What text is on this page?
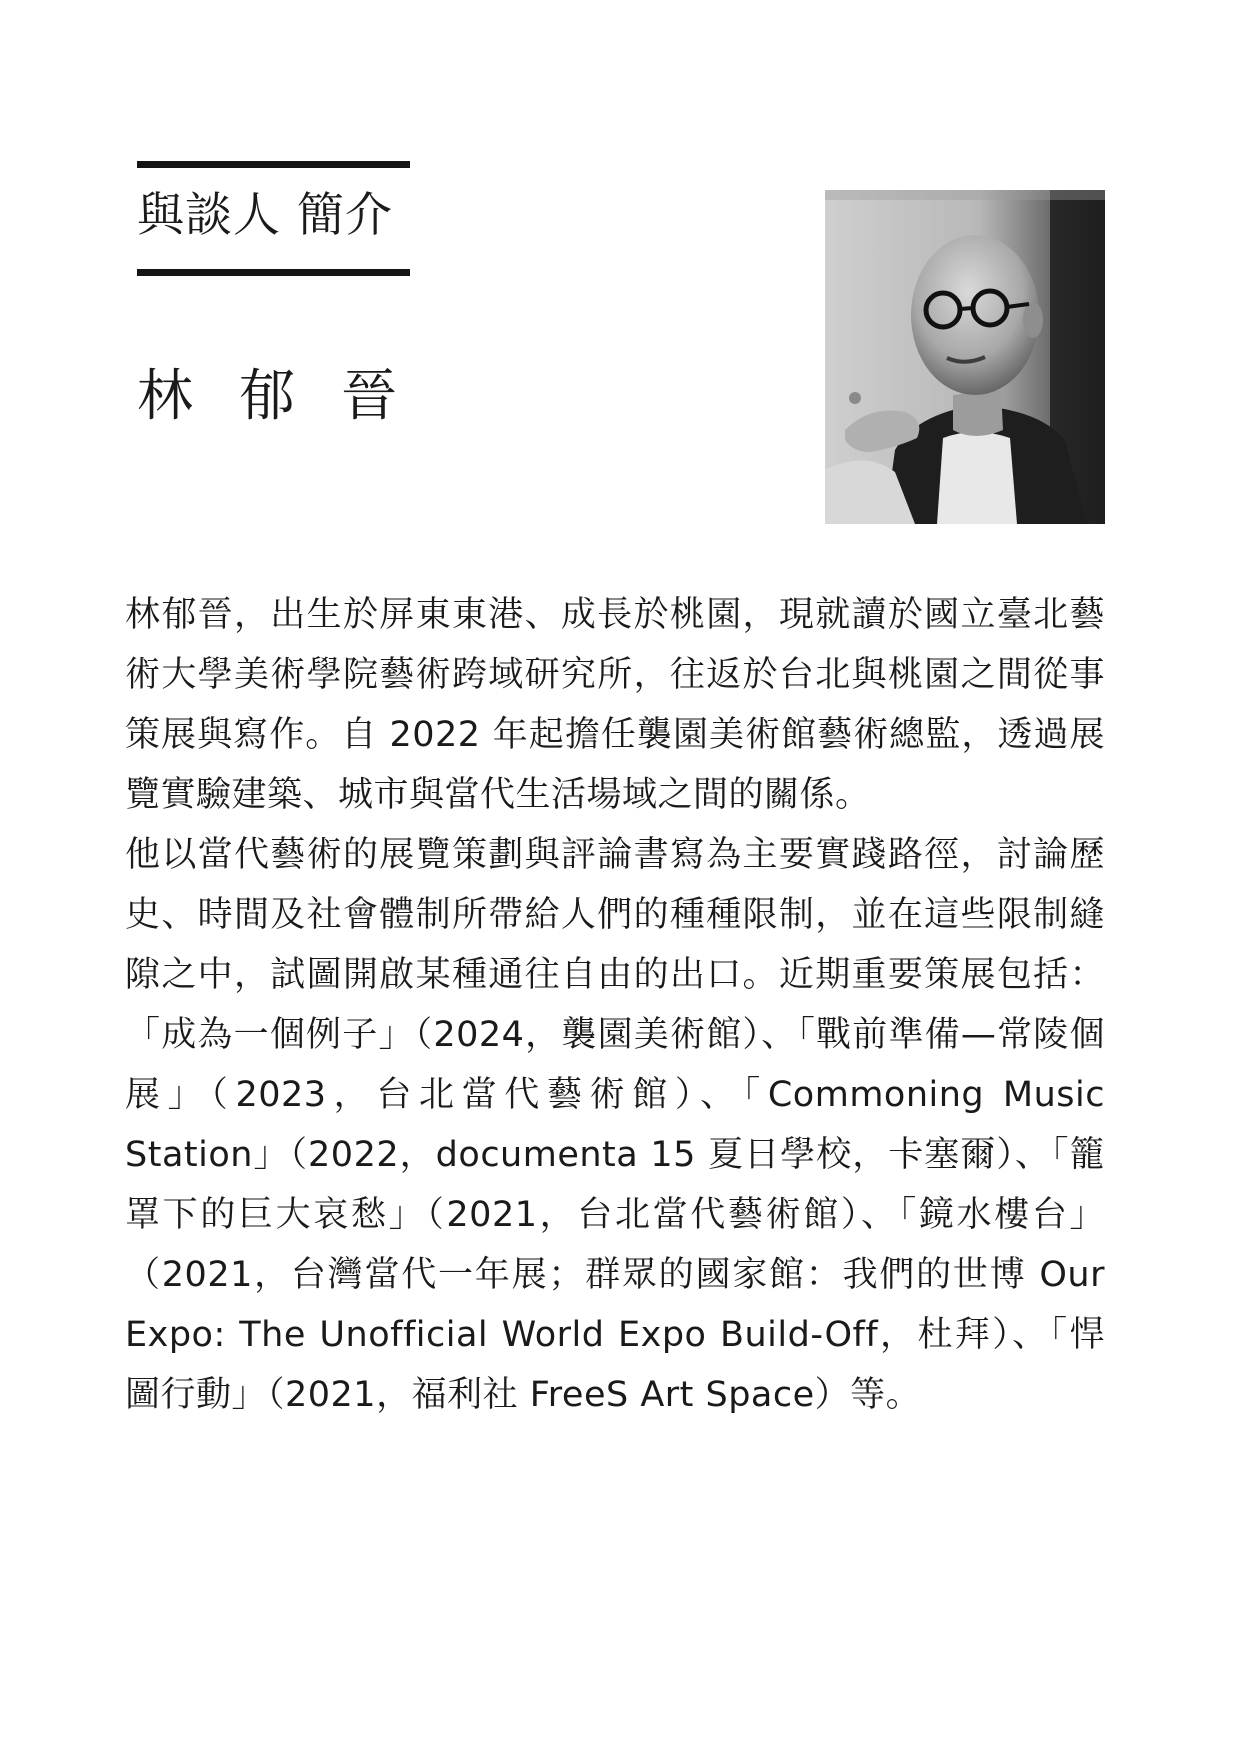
與談人 簡介
林郁晉

林郁晉，出生於屏東東港、成長於桃園，現就讀於國立臺北藝術大學美術學院藝術跨域研究所，往返於台北與桃園之間從事策展與寫作。自 2022 年起擔任襲園美術館藝術總監，透過展覽實驗建築、城市與當代生活場域之間的關係。

他以當代藝術的展覽策劃與評論書寫為主要實踐路徑，討論歷史、時間及社會體制所帶給人們的種種限制，並在這些限制縫隙之中，試圖開啟某種通往自由的出口。近期重要策展包括：「成為一個例子」（2024，襲園美術館）、「戰前準備—常陵個展」（2023，台北當代藝術館）、「Commoning Music Station」（2022，documenta 15 夏日學校，卡塞爾）、「籠罩下的巨大哀愁」（2021，台北當代藝術館）、「鏡水樓台」（2021，台灣當代一年展；群眾的國家館：我們的世博 Our Expo: The Unofficial World Expo Build-Off，杜拜）、「悍圖行動」（2021，福利社 FreeS Art Space）等。
